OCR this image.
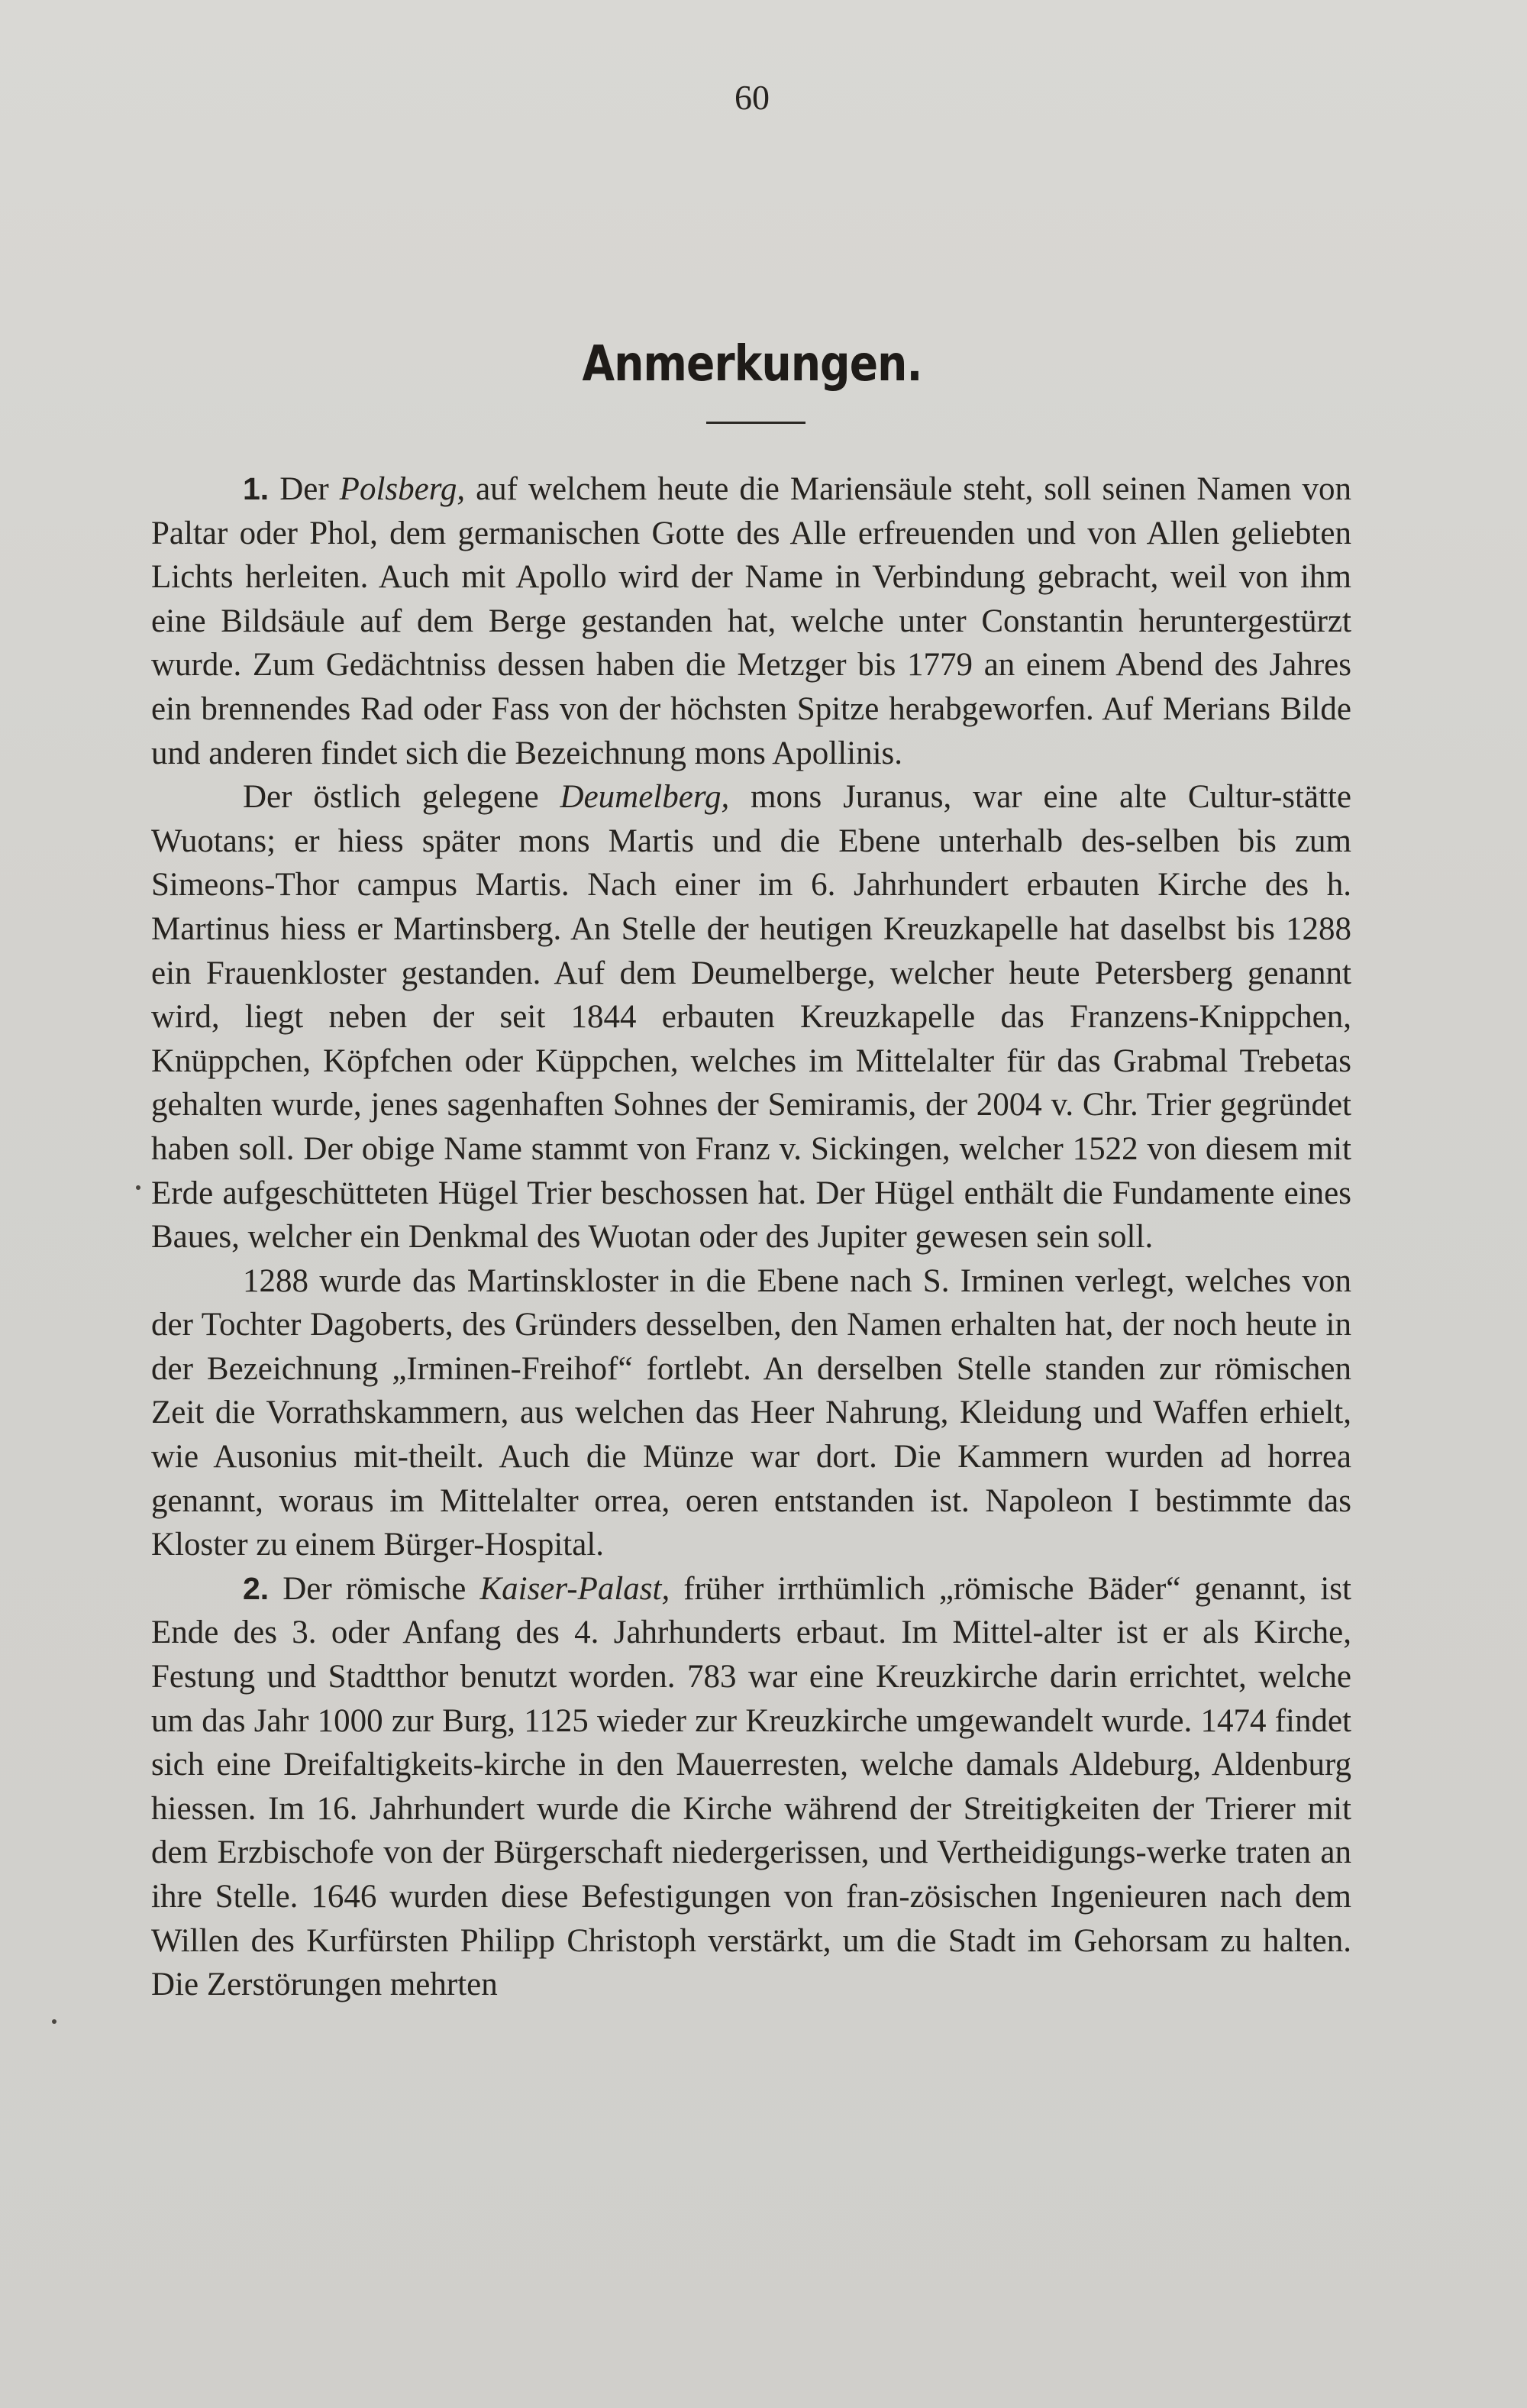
60
Anmerkungen.

1. Der Polsberg, auf welchem heute die Mariensäule steht, soll seinen Namen von Paltar oder Phol, dem germanischen Gotte des Alle erfreuenden und von Allen geliebten Lichts herleiten. Auch mit Apollo wird der Name in Verbindung gebracht, weil von ihm eine Bildsäule auf dem Berge gestanden hat, welche unter Constantin heruntergestürzt wurde. Zum Gedächtniss dessen haben die Metzger bis 1779 an einem Abend des Jahres ein brennendes Rad oder Fass von der höchsten Spitze herabgeworfen. Auf Merians Bilde und anderen findet sich die Bezeichnung mons Apollinis.

Der östlich gelegene Deumelberg, mons Juranus, war eine alte Cultur-stätte Wuotans; er hiess später mons Martis und die Ebene unterhalb des-selben bis zum Simeons-Thor campus Martis. Nach einer im 6. Jahrhundert erbauten Kirche des h. Martinus hiess er Martinsberg. An Stelle der heutigen Kreuzkapelle hat daselbst bis 1288 ein Frauenkloster gestanden. Auf dem Deumelberge, welcher heute Petersberg genannt wird, liegt neben der seit 1844 erbauten Kreuzkapelle das Franzens-Knippchen, Knüppchen, Köpfchen oder Küppchen, welches im Mittelalter für das Grabmal Trebetas gehalten wurde, jenes sagenhaften Sohnes der Semiramis, der 2004 v. Chr. Trier gegründet haben soll. Der obige Name stammt von Franz v. Sickingen, welcher 1522 von diesem mit Erde aufgeschütteten Hügel Trier beschossen hat. Der Hügel enthält die Fundamente eines Baues, welcher ein Denkmal des Wuotan oder des Jupiter gewesen sein soll.

1288 wurde das Martinskloster in die Ebene nach S. Irminen verlegt, welches von der Tochter Dagoberts, des Gründers desselben, den Namen erhalten hat, der noch heute in der Bezeichnung „Irminen-Freihof“ fortlebt. An derselben Stelle standen zur römischen Zeit die Vorrathskammern, aus welchen das Heer Nahrung, Kleidung und Waffen erhielt, wie Ausonius mit-theilt. Auch die Münze war dort. Die Kammern wurden ad horrea genannt, woraus im Mittelalter orrea, oeren entstanden ist. Napoleon I bestimmte das Kloster zu einem Bürger-Hospital.

2. Der römische Kaiser-Palast, früher irrthümlich „römische Bäder“ genannt, ist Ende des 3. oder Anfang des 4. Jahrhunderts erbaut. Im Mittel-alter ist er als Kirche, Festung und Stadtthor benutzt worden. 783 war eine Kreuzkirche darin errichtet, welche um das Jahr 1000 zur Burg, 1125 wieder zur Kreuzkirche umgewandelt wurde. 1474 findet sich eine Dreifaltigkeits-kirche in den Mauerresten, welche damals Aldeburg, Aldenburg hiessen. Im 16. Jahrhundert wurde die Kirche während der Streitigkeiten der Trierer mit dem Erzbischofe von der Bürgerschaft niedergerissen, und Vertheidigungs-werke traten an ihre Stelle. 1646 wurden diese Befestigungen von fran-zösischen Ingenieuren nach dem Willen des Kurfürsten Philipp Christoph verstärkt, um die Stadt im Gehorsam zu halten. Die Zerstörungen mehrten
